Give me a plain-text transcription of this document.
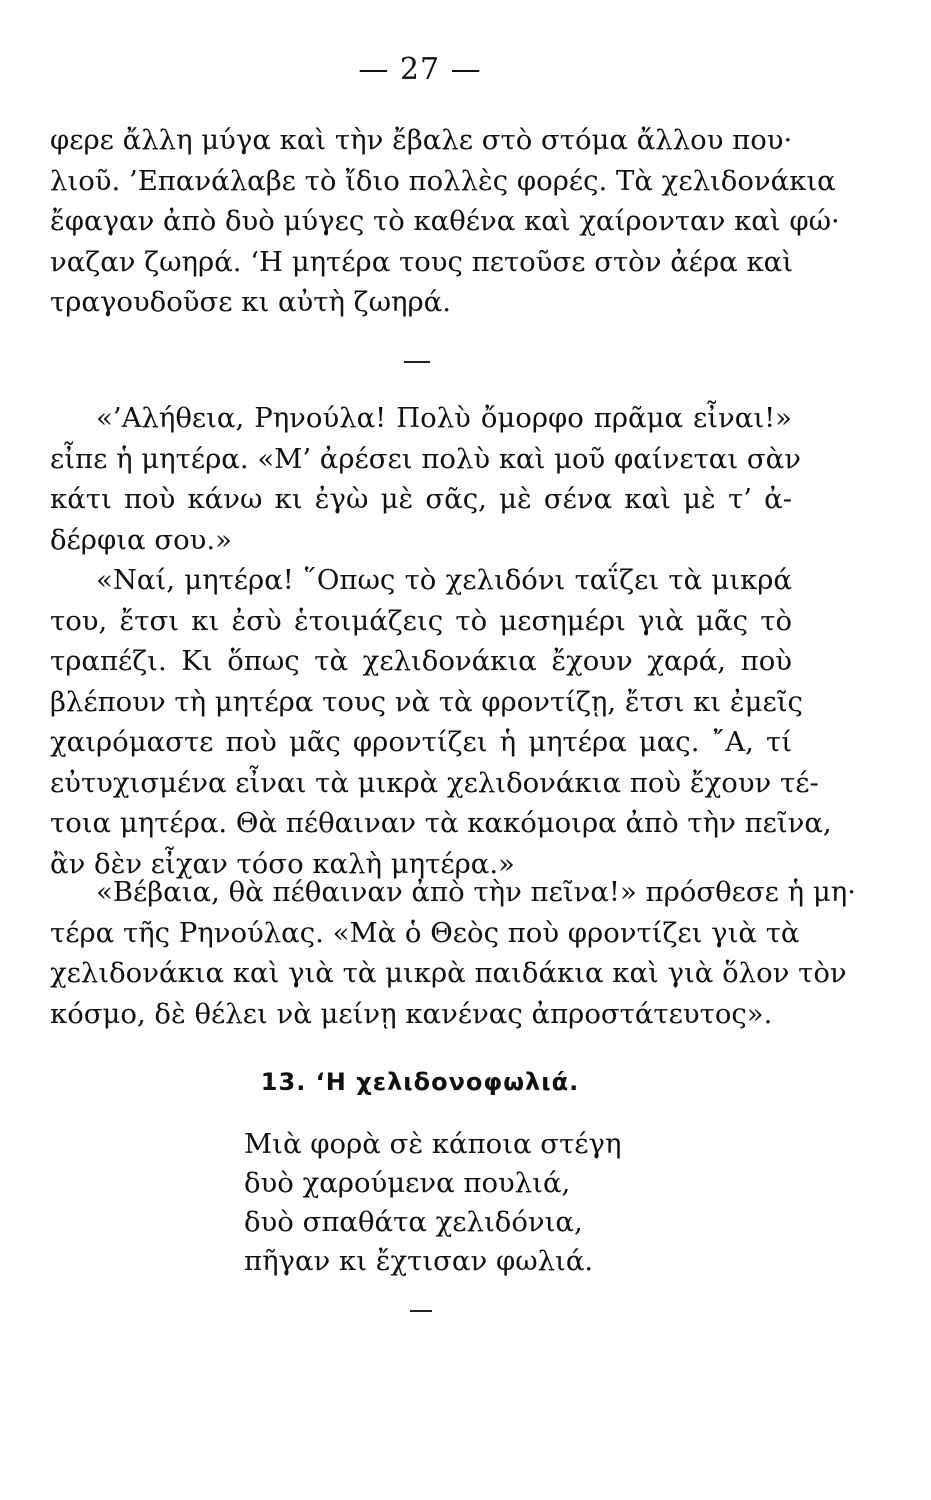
— 27 —
φερε ἄλλη μύγα καὶ τὴν ἔβαλε στὸ στόμα ἄλλου που·
λιοῦ. ’Επανάλαβε τὸ ἴδιο πολλὲς φορές. Τὰ χελιδονάκια
ἔφαγαν ἀπὸ δυὸ μύγες τὸ καθένα καὶ χαίρονταν καὶ φώ·
ναζαν ζωηρά. ‘Η μητέρα τους πετοῦσε στὸν ἀέρα καὶ
τραγουδοῦσε κι αὐτὴ ζωηρά.
«’Αλήθεια, Ρηνούλα! Πολὺ ὄμορφο πρᾶμα εἶναι!»
εἶπε ἡ μητέρα. «Μ’ ἀρέσει πολὺ καὶ μοῦ φαίνεται σὰν
κάτι ποὺ κάνω κι ἐγὼ μὲ σᾶς, μὲ σένα καὶ μὲ τ’ ἀ-
δέρφια σου.»
«Ναί, μητέρα! ῞Οπως τὸ χελιδόνι ταΐζει τὰ μικρά
του, ἔτσι κι ἐσὺ ἑτοιμάζεις τὸ μεσημέρι γιὰ μᾶς τὸ
τραπέζι. Κι ὅπως τὰ χελιδονάκια ἔχουν χαρά, ποὺ
βλέπουν τὴ μητέρα τους νὰ τὰ φροντίζῃ, ἔτσι κι ἐμεῖς
χαιρόμαστε ποὺ μᾶς φροντίζει ἡ μητέρα μας. ῎Α, τί
εὐτυχισμένα εἶναι τὰ μικρὰ χελιδονάκια ποὺ ἔχουν τέ-
τοια μητέρα. Θὰ πέθαιναν τὰ κακόμοιρα ἀπὸ τὴν πεῖνα,
ἂν δὲν εἶχαν τόσο καλὴ μητέρα.»
«Βέβαια, θὰ πέθαιναν ἀπὸ τὴν πεῖνα!» πρόσθεσε ἡ μη·
τέρα τῆς Ρηνούλας. «Μὰ ὁ Θεὸς ποὺ φροντίζει γιὰ τὰ
χελιδονάκια καὶ γιὰ τὰ μικρὰ παιδάκια καὶ γιὰ ὅλον τὸν
κόσμο, δὲ θέλει νὰ μείνῃ κανένας ἀπροστάτευτος».
13. ‘Η χελιδονοφωλιά.
Μιὰ φορὰ σὲ κάποια στέγη
δυὸ χαρούμενα πουλιά,
δυὸ σπαθάτα χελιδόνια,
πῆγαν κι ἔχτισαν φωλιά.
